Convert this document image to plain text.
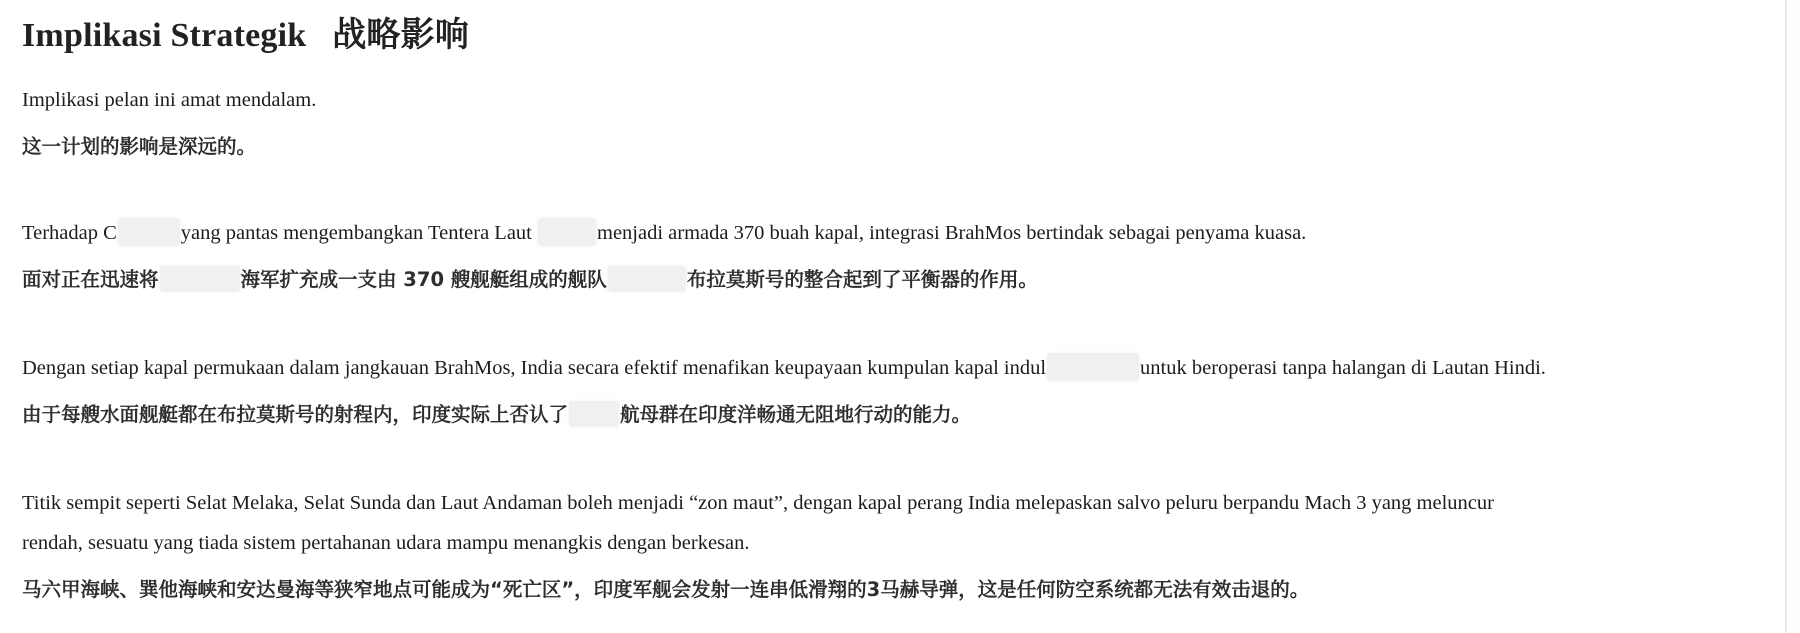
Implikasi Strategik  战略影响

Implikasi pelan ini amat mendalam.

这一计划的影响是深远的。

Terhadap C	yang pantas mengembangkan Tentera Laut	menjadi armada 370 buah kapal, integrasi BrahMos bertindak sebagai penyama kuasa.

面对正在迅速将	海军扩充成一支由 370 艘舰艇组成的舰队	布拉莫斯号的整合起到了平衡器的作用。

Dengan setiap kapal permukaan dalam jangkauan BrahMos, India secara efektif menafikan keupayaan kumpulan kapal indul	untuk beroperasi tanpa halangan di Lautan Hindi.

由于每艘水面舰艇都在布拉莫斯号的射程内，印度实际上否认了	航母群在印度洋畅通无阻地行动的能力。

Titik sempit seperti Selat Melaka, Selat Sunda dan Laut Andaman boleh menjadi “zon maut”, dengan kapal perang India melepaskan salvo peluru berpandu Mach 3 yang meluncur rendah, sesuatu yang tiada sistem pertahanan udara mampu menangkis dengan berkesan.

马六甲海峡、巽他海峡和安达曼海等狭窄地点可能成为“死亡区”，印度军舰会发射一连串低滑翔的3马赫导弹，这是任何防空系统都无法有效击退的。
